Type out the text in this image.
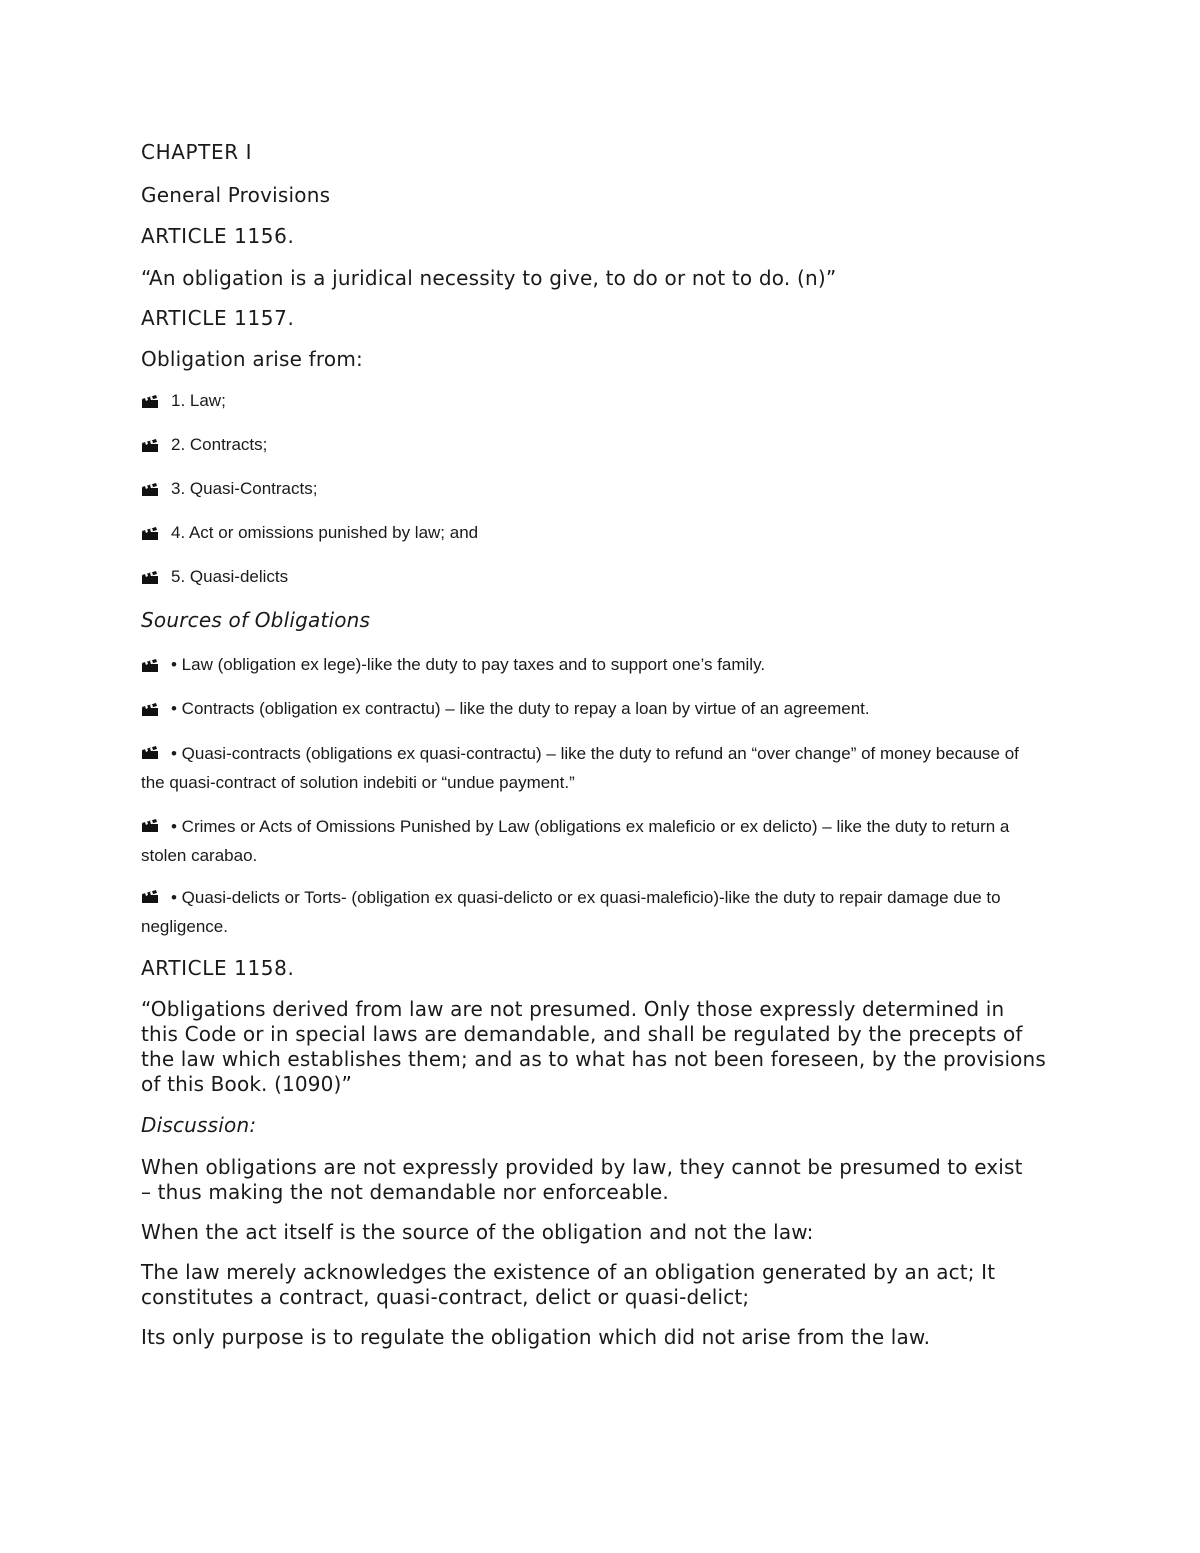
CHAPTER I

General Provisions

ARTICLE 1156.

“An obligation is a juridical necessity to give, to do or not to do. (n)”

ARTICLE 1157.

Obligation arise from:

1. Law;
2. Contracts;
3. Quasi-Contracts;
4. Act or omissions punished by law; and
5. Quasi-delicts

Sources of Obligations

• Law (obligation ex lege)-like the duty to pay taxes and to support one’s family.
• Contracts (obligation ex contractu) – like the duty to repay a loan by virtue of an agreement.
• Quasi-contracts (obligations ex quasi-contractu) – like the duty to refund an “over change” of money because of the quasi-contract of solution indebiti or “undue payment.”
• Crimes or Acts of Omissions Punished by Law (obligations ex maleficio or ex delicto) – like the duty to return a stolen carabao.
• Quasi-delicts or Torts- (obligation ex quasi-delicto or ex quasi-maleficio)-like the duty to repair damage due to negligence.

ARTICLE 1158.

“Obligations derived from law are not presumed. Only those expressly determined in this Code or in special laws are demandable, and shall be regulated by the precepts of the law which establishes them; and as to what has not been foreseen, by the provisions of this Book. (1090)”

Discussion:

When obligations are not expressly provided by law, they cannot be presumed to exist – thus making the not demandable nor enforceable.

When the act itself is the source of the obligation and not the law:

The law merely acknowledges the existence of an obligation generated by an act; It constitutes a contract, quasi-contract, delict or quasi-delict;

Its only purpose is to regulate the obligation which did not arise from the law.
